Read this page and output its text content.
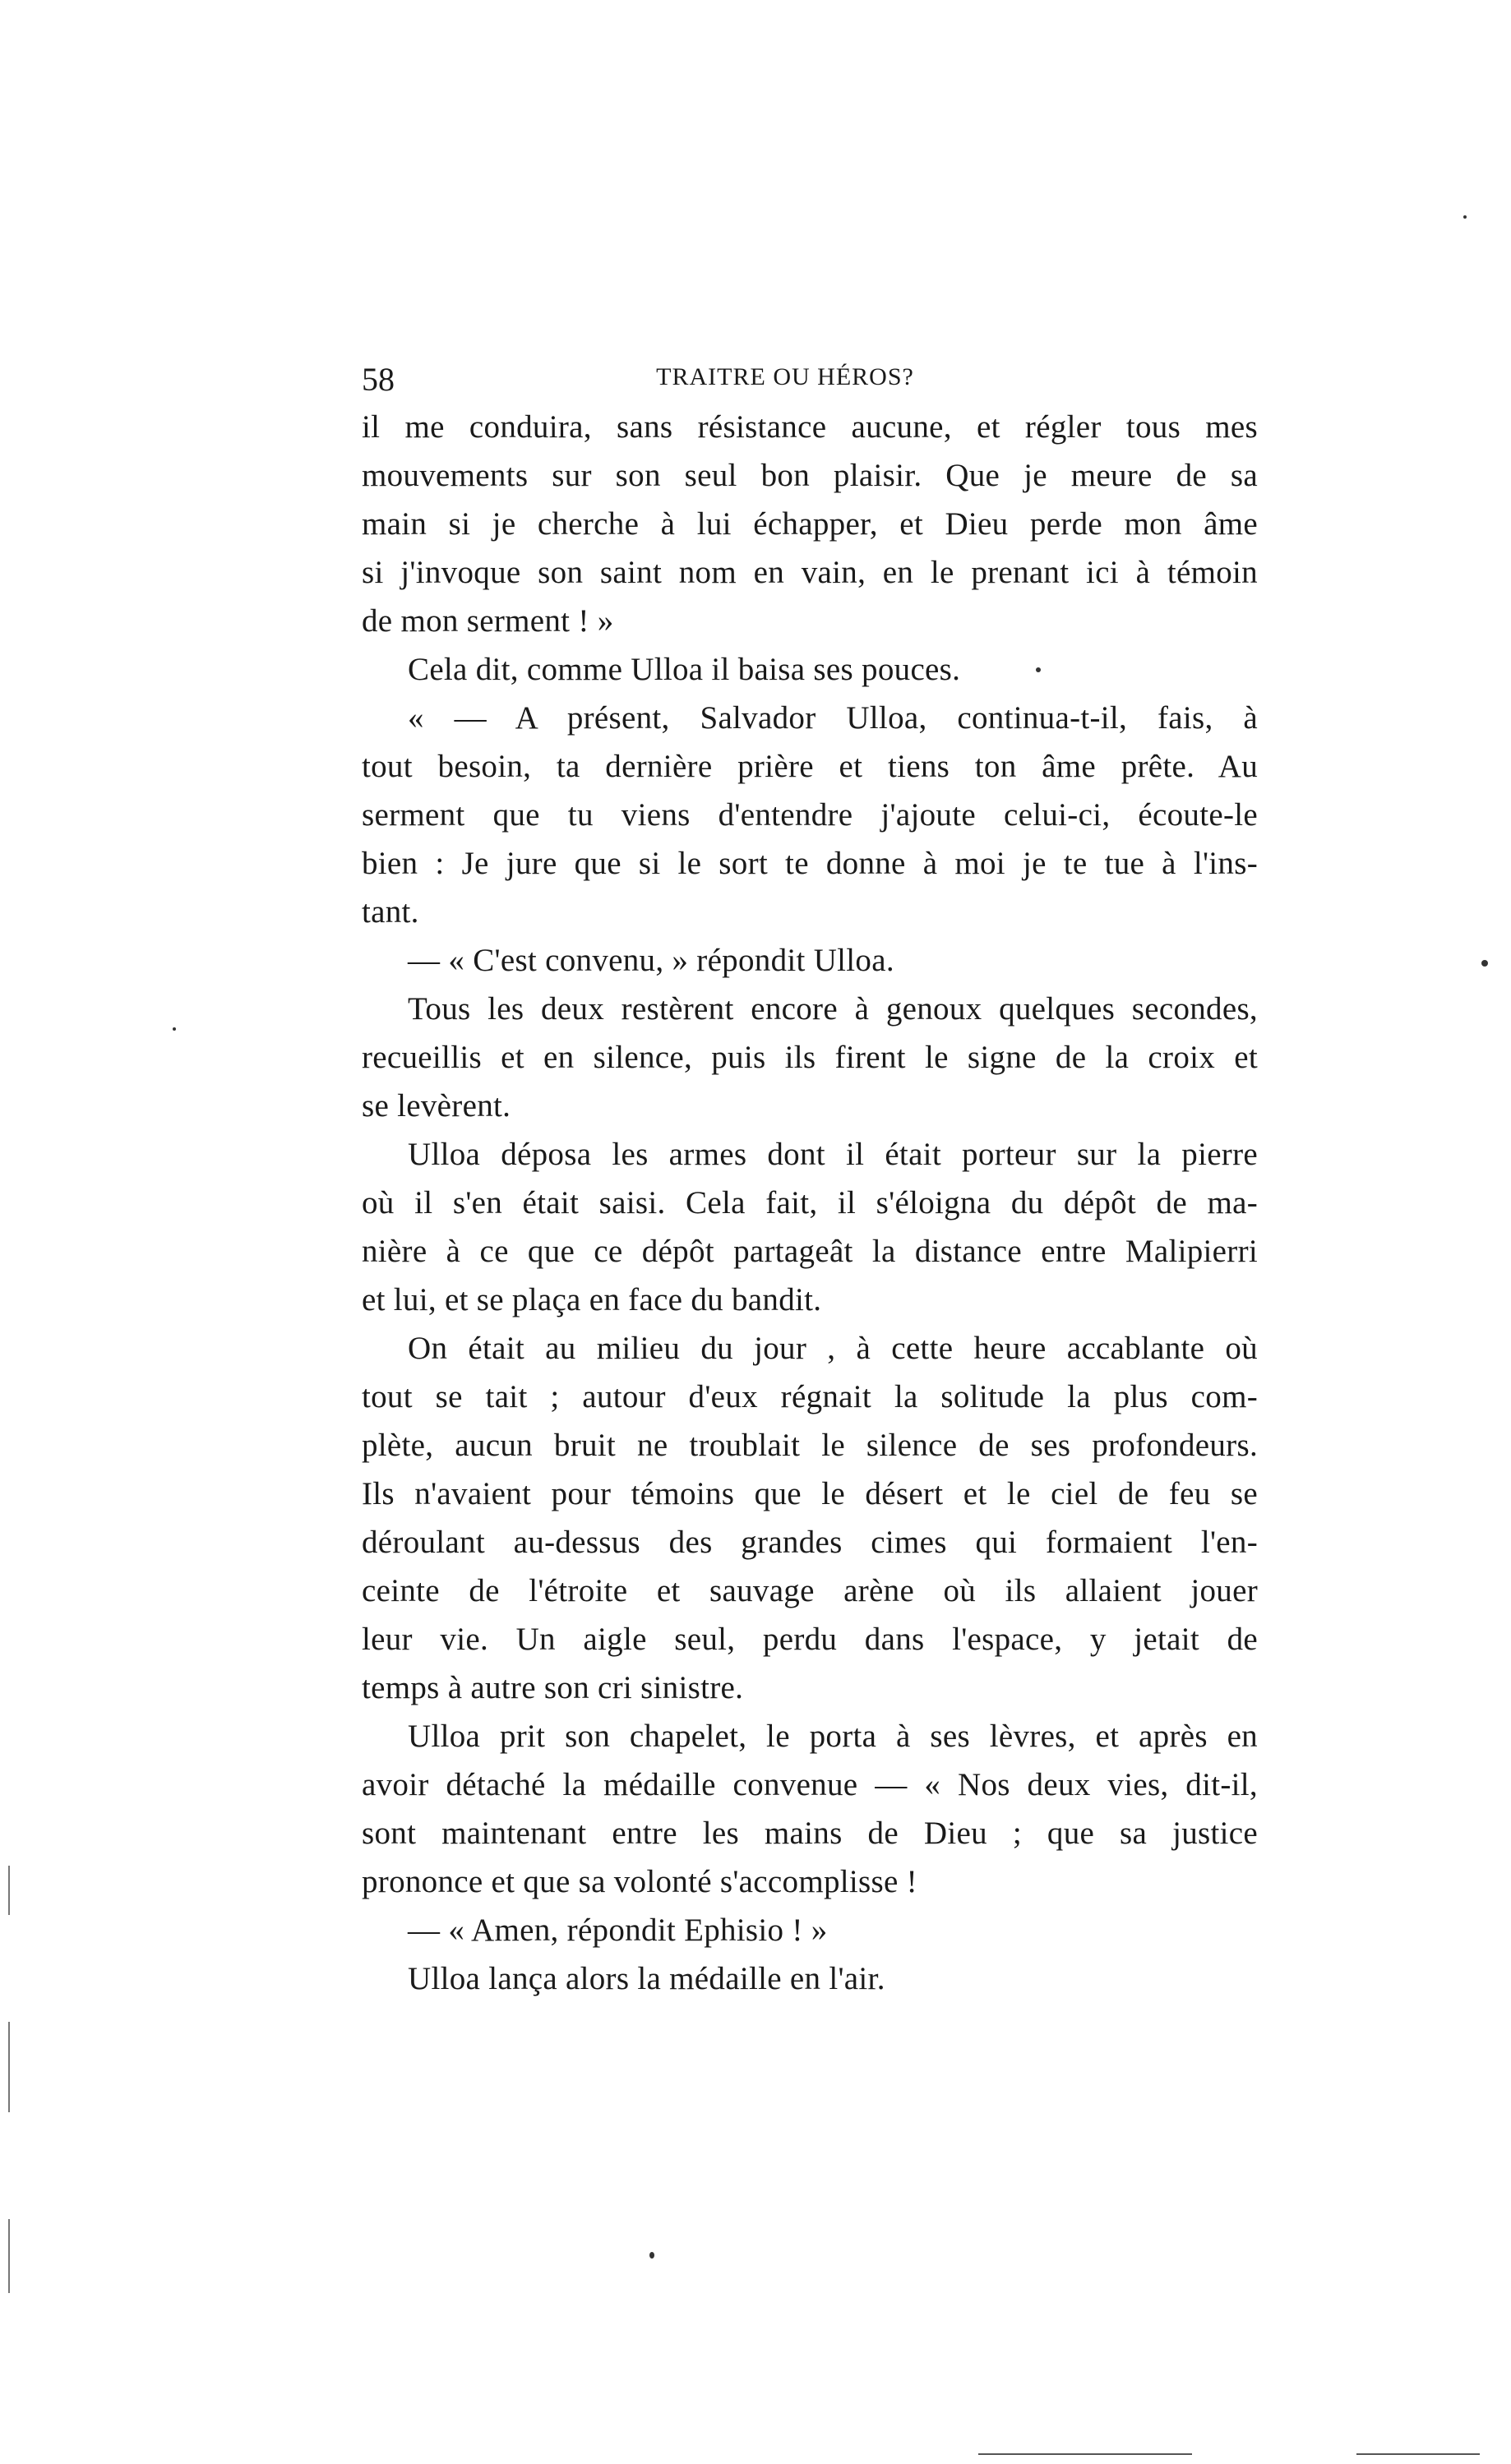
58	TRAITRE OU HÉROS?
il me conduira, sans résistance aucune, et régler tous mes
mouvements sur son seul bon plaisir. Que je meure de sa
main si je cherche à lui échapper, et Dieu perde mon âme
si j'invoque son saint nom en vain, en le prenant ici à témoin
de mon serment ! »
Cela dit, comme Ulloa il baisa ses pouces.
« — A présent, Salvador Ulloa, continua-t-il, fais, à
tout besoin, ta dernière prière et tiens ton âme prête. Au
serment que tu viens d'entendre j'ajoute celui-ci, écoute-le
bien : Je jure que si le sort te donne à moi je te tue à l'ins-
tant.
— « C'est convenu, » répondit Ulloa.
Tous les deux restèrent encore à genoux quelques secondes,
recueillis et en silence, puis ils firent le signe de la croix et
se levèrent.
Ulloa déposa les armes dont il était porteur sur la pierre
où il s'en était saisi. Cela fait, il s'éloigna du dépôt de ma-
nière à ce que ce dépôt partageât la distance entre Malipierri
et lui, et se plaça en face du bandit.
On était au milieu du jour , à cette heure accablante où
tout se tait ; autour d'eux régnait la solitude la plus com-
plète, aucun bruit ne troublait le silence de ses profondeurs.
Ils n'avaient pour témoins que le désert et le ciel de feu se
déroulant au-dessus des grandes cimes qui formaient l'en-
ceinte de l'étroite et sauvage arène où ils allaient jouer
leur vie. Un aigle seul, perdu dans l'espace, y jetait de
temps à autre son cri sinistre.
Ulloa prit son chapelet, le porta à ses lèvres, et après en
avoir détaché la médaille convenue — « Nos deux vies, dit-il,
sont maintenant entre les mains de Dieu ; que sa justice
prononce et que sa volonté s'accomplisse !
— « Amen, répondit Ephisio ! »
Ulloa lança alors la médaille en l'air.
